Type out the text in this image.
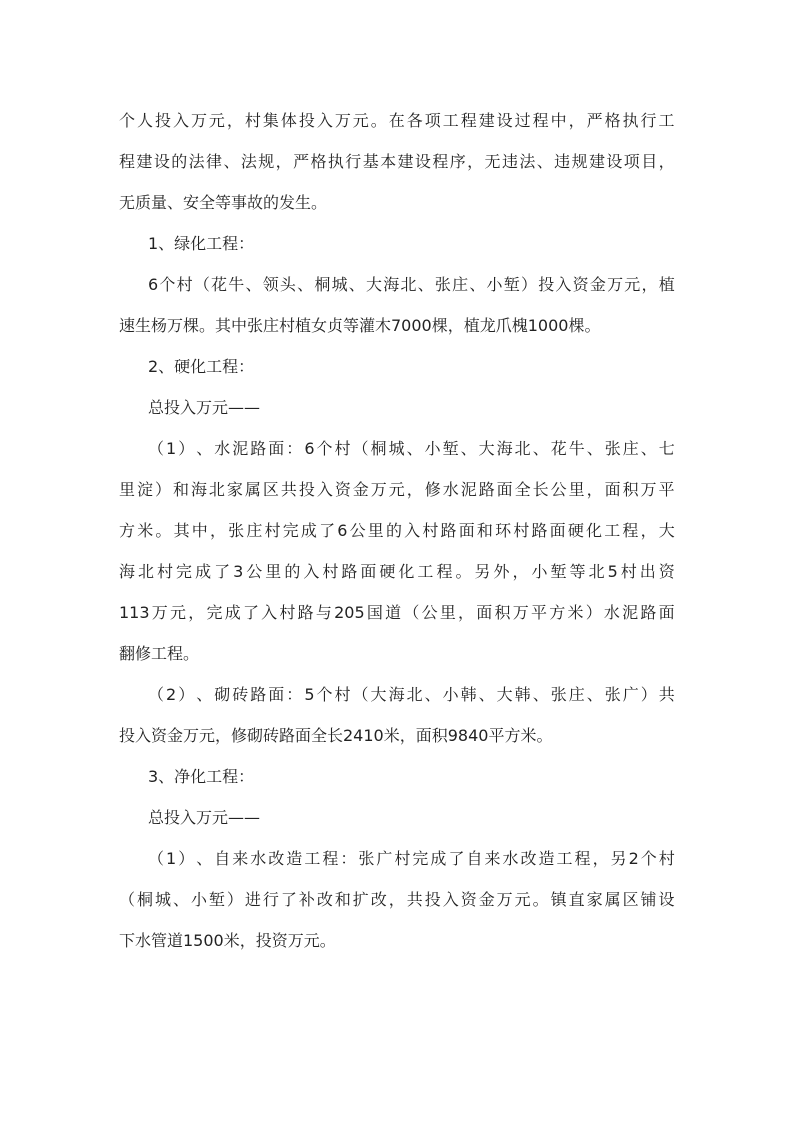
个 人 投 入 万 元 ， 村 集 体 投 入 万 元 。 在 各 项 工 程 建 设 过 程 中 ， 严 格 执 行 工
程 建 设 的 法 律 、 法 规 ， 严 格 执 行 基 本 建 设 程 序 ， 无 违 法 、 违 规 建 设 项 目 ，
无质量、安全等事故的发生。
1、绿化工程：
6 个 村 （ 花 牛 、 领 头 、 桐 城 、 大 海 北 、 张 庄 、 小 堑 ） 投 入 资 金 万 元 ， 植
速生杨万棵。其中张庄村植女贞等灌木7000棵，植龙爪槐1000棵。
2、硬化工程：
总投入万元——
（ 1 ） 、 水 泥 路 面 ： 6 个 村 （ 桐 城 、 小 堑 、 大 海 北 、 花 牛 、 张 庄 、 七
里 淀 ） 和 海 北 家 属 区 共 投 入 资 金 万 元 ， 修 水 泥 路 面 全 长 公 里 ， 面 积 万 平
方 米 。 其 中 ， 张 庄 村 完 成 了 6 公 里 的 入 村 路 面 和 环 村 路 面 硬 化 工 程 ， 大
海 北 村 完 成 了 3 公 里 的 入 村 路 面 硬 化 工 程 。 另 外 ， 小 堑 等 北 5 村 出 资
113 万 元 ， 完 成 了 入 村 路 与 205 国 道 （ 公 里 ， 面 积 万 平 方 米 ） 水 泥 路 面
翻修工程。
（ 2 ） 、 砌 砖 路 面 ： 5 个 村 （ 大 海 北 、 小 韩 、 大 韩 、 张 庄 、 张 广 ） 共
投入资金万元，修砌砖路面全长2410米，面积9840平方米。
3、净化工程：
总投入万元——
（ 1 ） 、 自 来 水 改 造 工 程 ： 张 广 村 完 成 了 自 来 水 改 造 工 程 ， 另 2 个 村
（ 桐 城 、 小 堑 ） 进 行 了 补 改 和 扩 改 ， 共 投 入 资 金 万 元 。 镇 直 家 属 区 铺 设
下水管道1500米，投资万元。
